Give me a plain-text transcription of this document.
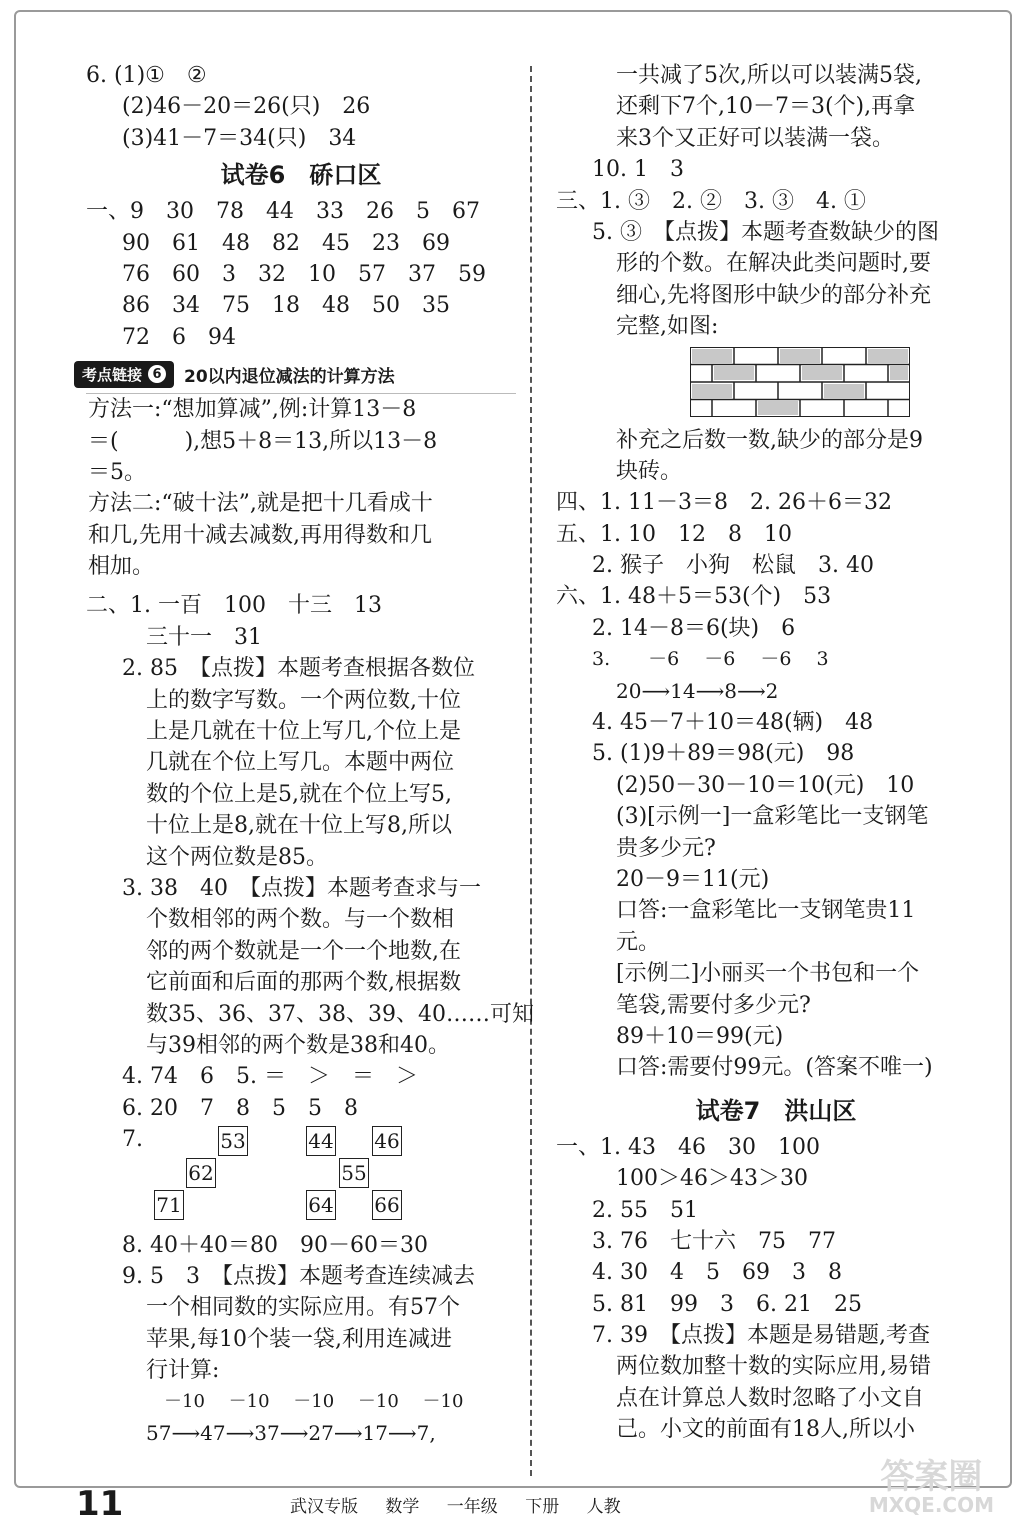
6. (1)①　②
(2)46－20＝26(只)　26
(3)41－7＝34(只)　34
试卷6　硚口区
一、9　30　78　44　33　26　5　67
90　61　48　82　45　23　69
76　60　3　32　10　57　37　59
86　34　75　18　48　50　35
72　6　94
考点链接 6 20以内退位减法的计算方法
方法一:“想加算减”,例:计算13－8
＝(　　　),想5＋8＝13,所以13－8
＝5。
方法二:“破十法”,就是把十几看成十
和几,先用十减去减数,再用得数和几
相加。
二、1. 一百　100　十三　13
三十一　31
2. 85　【点拨】本题考查根据各数位
上的数字写数。一个两位数,十位
上是几就在十位上写几,个位上是
几就在个位上写几。本题中两位
数的个位上是5,就在个位上写5,
十位上是8,就在十位上写8,所以
这个两位数是85。
3. 38　40　【点拨】本题考查求与一
个数相邻的两个数。与一个数相
邻的两个数就是一个一个地数,在
它前面和后面的那两个数,根据数
数35、36、37、38、39、40……可知
与39相邻的两个数是38和40。
4. 74　6　5. ＝　＞　＝　＞
6. 20　7　8　5　5　8
7.	53
62
71
44 46
55
64 66
8. 40＋40＝80　90－60＝30
9. 5　3　【点拨】本题考查连续减去
一个相同数的实际应用。有57个
苹果,每10个装一袋,利用连减进
行计算:
　－10　 －10　 －10　 －10　 －10
57⟶47⟶37⟶27⟶17⟶7,
一共减了5次,所以可以装满5袋,
还剩下7个,10－7＝3(个),再拿
来3个又正好可以装满一袋。
10. 1　3
三、1. ③　2. ②　3. ③　4. ①
5. ③　【点拨】本题考查数缺少的图
形的个数。在解决此类问题时,要
细心,先将图形中缺少的部分补充
完整,如图:
补充之后数一数,缺少的部分是9
块砖。
四、1. 11－3＝8　2. 26＋6＝32
五、1. 10　12　8　10
2. 猴子　小狗　松鼠　3. 40
六、1. 48＋5＝53(个)　53
2. 14－8＝6(块)　6
3.　　－6　 －6　 －6　 3
20⟶14⟶8⟶2
4. 45－7＋10＝48(辆)　48
5. (1)9＋89＝98(元)　98
(2)50－30－10＝10(元)　10
(3)[示例一]一盒彩笔比一支钢笔
贵多少元?
20－9＝11(元)
口答:一盒彩笔比一支钢笔贵11
元。
[示例二]小丽买一个书包和一个
笔袋,需要付多少元?
89＋10＝99(元)
口答:需要付99元。(答案不唯一)
试卷7　洪山区
一、1. 43　46　30　100
100＞46＞43＞30
2. 55　51
3. 76　七十六　75　77
4. 30　4　5　69　3　8
5. 81　99　3　6. 21　25
7. 39　【点拨】本题是易错题,考查
两位数加整十数的实际应用,易错
点在计算总人数时忽略了小文自
己。小文的前面有18人,所以小
11	武汉专版 数学 一年级 下册 人教
答案圈
MXQE.COM
